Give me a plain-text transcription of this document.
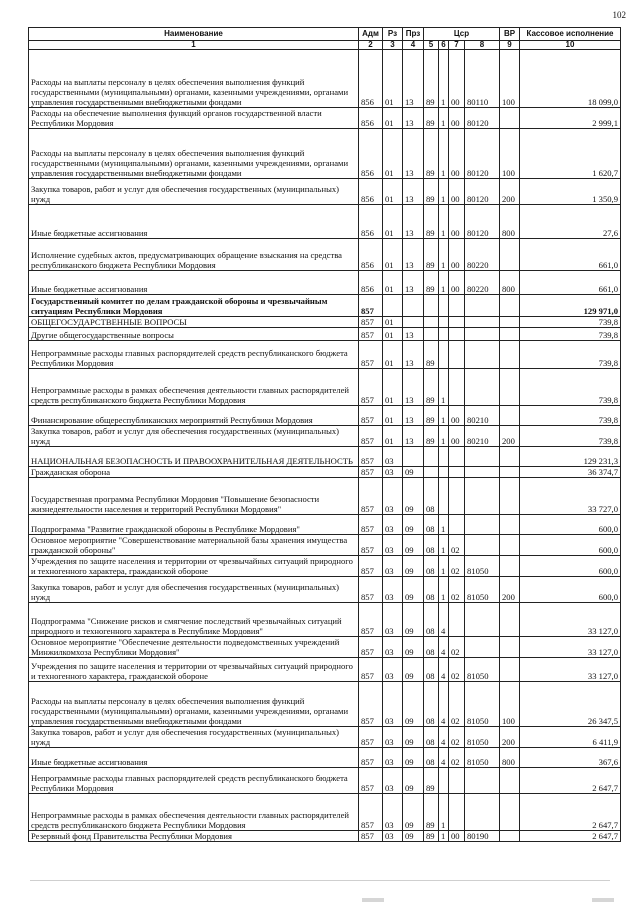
102
Наименование	Адм	Рз	Прз	Цср				ВР	Кассовое исполнение
1	2	3	4	5	6	7	8	9	10
Расходы на выплаты персоналу в целях обеспечения выполнения функций государственными (муниципальными) органами, казенными учреждениями, органами управления государственными внебюджетными фондами	856	01	13	89	1	00	80110	100	18 099,0
Расходы на обеспечение выполнения функций органов государственной власти Республики Мордовия	856	01	13	89	1	00	80120		2 999,1
Расходы на выплаты персоналу в целях обеспечения выполнения функций государственными (муниципальными) органами, казенными учреждениями, органами управления государственными внебюджетными фондами	856	01	13	89	1	00	80120	100	1 620,7
Закупка товаров, работ и услуг для обеспечения государственных (муниципальных) нужд	856	01	13	89	1	00	80120	200	1 350,9
Иные бюджетные ассигнования	856	01	13	89	1	00	80120	800	27,6
Исполнение судебных актов, предусматривающих обращение взыскания на средства республиканского бюджета Республики Мордовия	856	01	13	89	1	00	80220		661,0
Иные бюджетные ассигнования	856	01	13	89	1	00	80220	800	661,0
Государственный комитет по делам гражданской обороны и чрезвычайным ситуациям Республики Мордовия	857								129 971,0
ОБЩЕГОСУДАРСТВЕННЫЕ ВОПРОСЫ	857	01							739,8
Другие общегосударственные вопросы	857	01	13						739,8
Непрограммные расходы главных распорядителей средств республиканского бюджета Республики Мордовия	857	01	13	89					739,8
Непрограммные расходы в рамках обеспечения деятельности главных распорядителей средств республиканского бюджета Республики Мордовия	857	01	13	89	1				739,8
Финансирование общереспубликанских мероприятий Республики Мордовия	857	01	13	89	1	00	80210		739,8
Закупка товаров, работ и услуг для обеспечения государственных (муниципальных) нужд	857	01	13	89	1	00	80210	200	739,8
НАЦИОНАЛЬНАЯ БЕЗОПАСНОСТЬ И ПРАВООХРАНИТЕЛЬНАЯ ДЕЯТЕЛЬНОСТЬ	857	03							129 231,3
Гражданская оборона	857	03	09						36 374,7
Государственная программа Республики Мордовия "Повышение безопасности жизнедеятельности населения и территорий Республики Мордовия"	857	03	09	08					33 727,0
Подпрограмма "Развитие гражданской обороны в Республике Мордовия"	857	03	09	08	1				600,0
Основное мероприятие "Совершенствование материальной базы хранения имущества гражданской обороны"	857	03	09	08	1	02			600,0
Учреждения по защите населения и территории от чрезвычайных ситуаций природного и техногенного характера, гражданской обороне	857	03	09	08	1	02	81050		600,0
Закупка товаров, работ и услуг для обеспечения государственных (муниципальных) нужд	857	03	09	08	1	02	81050	200	600,0
Подпрограмма "Снижение рисков и смягчение последствий чрезвычайных ситуаций природного и техногенного характера в Республике Мордовия"	857	03	09	08	4				33 127,0
Основное мероприятие "Обеспечение деятельности подведомственных учреждений Минжилкомхоза Республики Мордовия"	857	03	09	08	4	02			33 127,0
Учреждения по защите населения и территории от чрезвычайных ситуаций природного и техногенного характера, гражданской обороне	857	03	09	08	4	02	81050		33 127,0
Расходы на выплаты персоналу в целях обеспечения выполнения функций государственными (муниципальными) органами, казенными учреждениями, органами управления государственными внебюджетными фондами	857	03	09	08	4	02	81050	100	26 347,5
Закупка товаров, работ и услуг для обеспечения государственных (муниципальных) нужд	857	03	09	08	4	02	81050	200	6 411,9
Иные бюджетные ассигнования	857	03	09	08	4	02	81050	800	367,6
Непрограммные расходы главных распорядителей средств республиканского бюджета Республики Мордовия	857	03	09	89					2 647,7
Непрограммные расходы в рамках обеспечения деятельности главных распорядителей средств республиканского бюджета Республики Мордовия	857	03	09	89	1				2 647,7
Резервный фонд Правительства Республики Мордовия	857	03	09	89	1	00	80190		2 647,7
